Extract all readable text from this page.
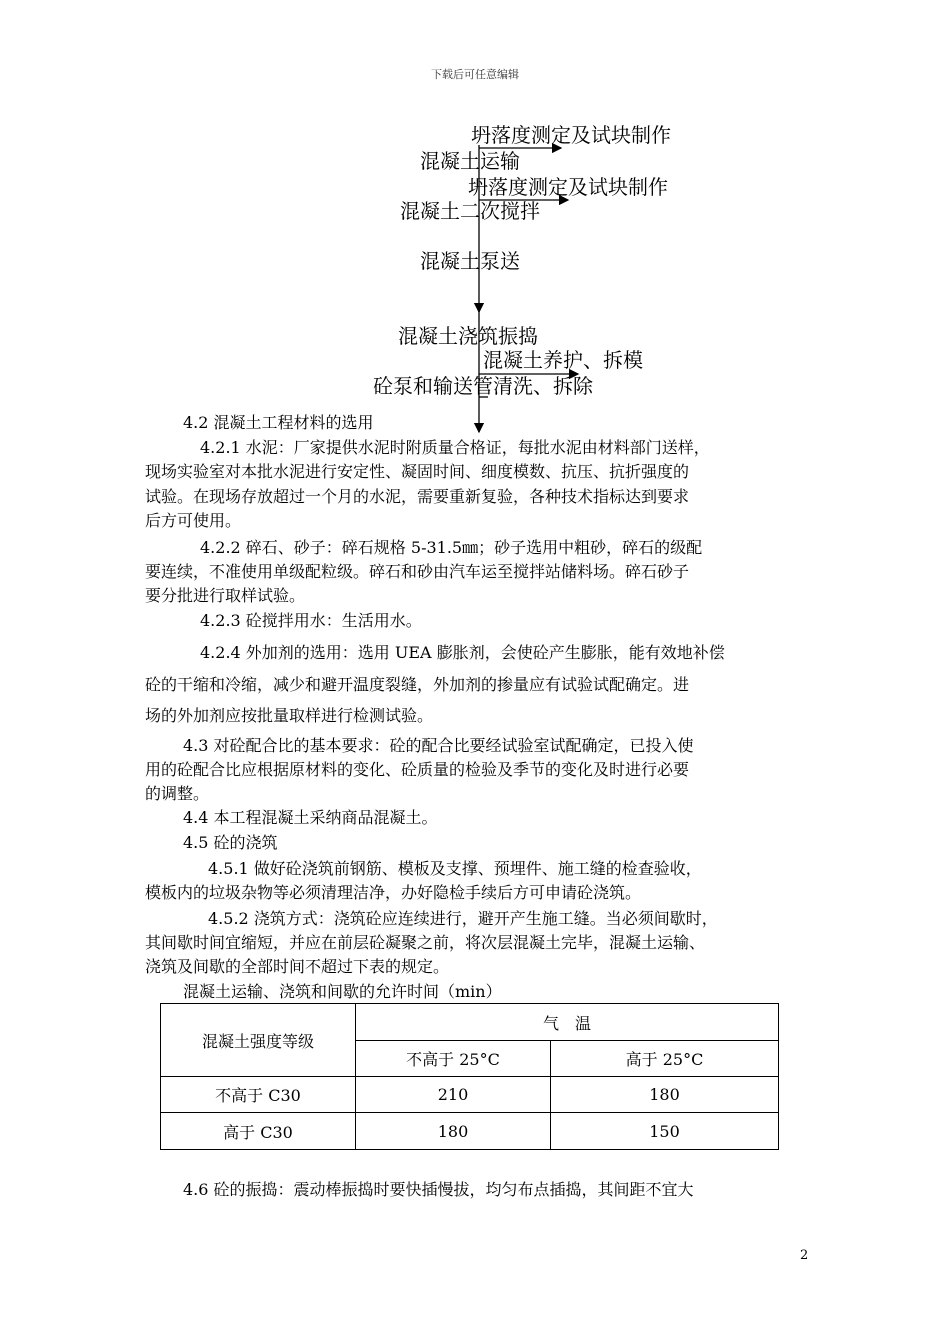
下载后可任意编辑
坍落度测定及试块制作
混凝土运输
坍落度测定及试块制作
混凝土二次搅拌
混凝土泵送
混凝土浇筑振捣
混凝土养护、拆模
砼泵和输送管清洗、拆除
4.2 混凝土工程材料的选用
4.2.1 水泥：厂家提供水泥时附质量合格证，每批水泥由材料部门送样，
现场实验室对本批水泥进行安定性、凝固时间、细度模数、抗压、抗折强度的
试验。在现场存放超过一个月的水泥，需要重新复验，各种技术指标达到要求
后方可使用。
4.2.2 碎石、砂子：碎石规格 5-31.5㎜；砂子选用中粗砂，碎石的级配
要连续，不准使用单级配粒级。碎石和砂由汽车运至搅拌站储料场。碎石砂子
要分批进行取样试验。
4.2.3 砼搅拌用水：生活用水。
4.2.4 外加剂的选用：选用 UEA 膨胀剂，会使砼产生膨胀，能有效地补偿
砼的干缩和冷缩，减少和避开温度裂缝，外加剂的掺量应有试验试配确定。进
场的外加剂应按批量取样进行检测试验。
4.3 对砼配合比的基本要求：砼的配合比要经试验室试配确定，已投入使
用的砼配合比应根据原材料的变化、砼质量的检验及季节的变化及时进行必要
的调整。
4.4 本工程混凝土采纳商品混凝土。
4.5 砼的浇筑
4.5.1 做好砼浇筑前钢筋、模板及支撑、预埋件、施工缝的检查验收，
模板内的垃圾杂物等必须清理洁净，办好隐检手续后方可申请砼浇筑。
4.5.2 浇筑方式：浇筑砼应连续进行，避开产生施工缝。当必须间歇时，
其间歇时间宜缩短，并应在前层砼凝聚之前，将次层混凝土完毕，混凝土运输、
浇筑及间歇的全部时间不超过下表的规定。
混凝土运输、浇筑和间歇的允许时间（min）
混凝土强度等级	气　温	
	不高于 25°C	高于 25°C
不高于 C30	210	180
高于 C30	180	150
4.6 砼的振捣：震动棒振捣时要快插慢拔，均匀布点插捣，其间距不宜大
2
